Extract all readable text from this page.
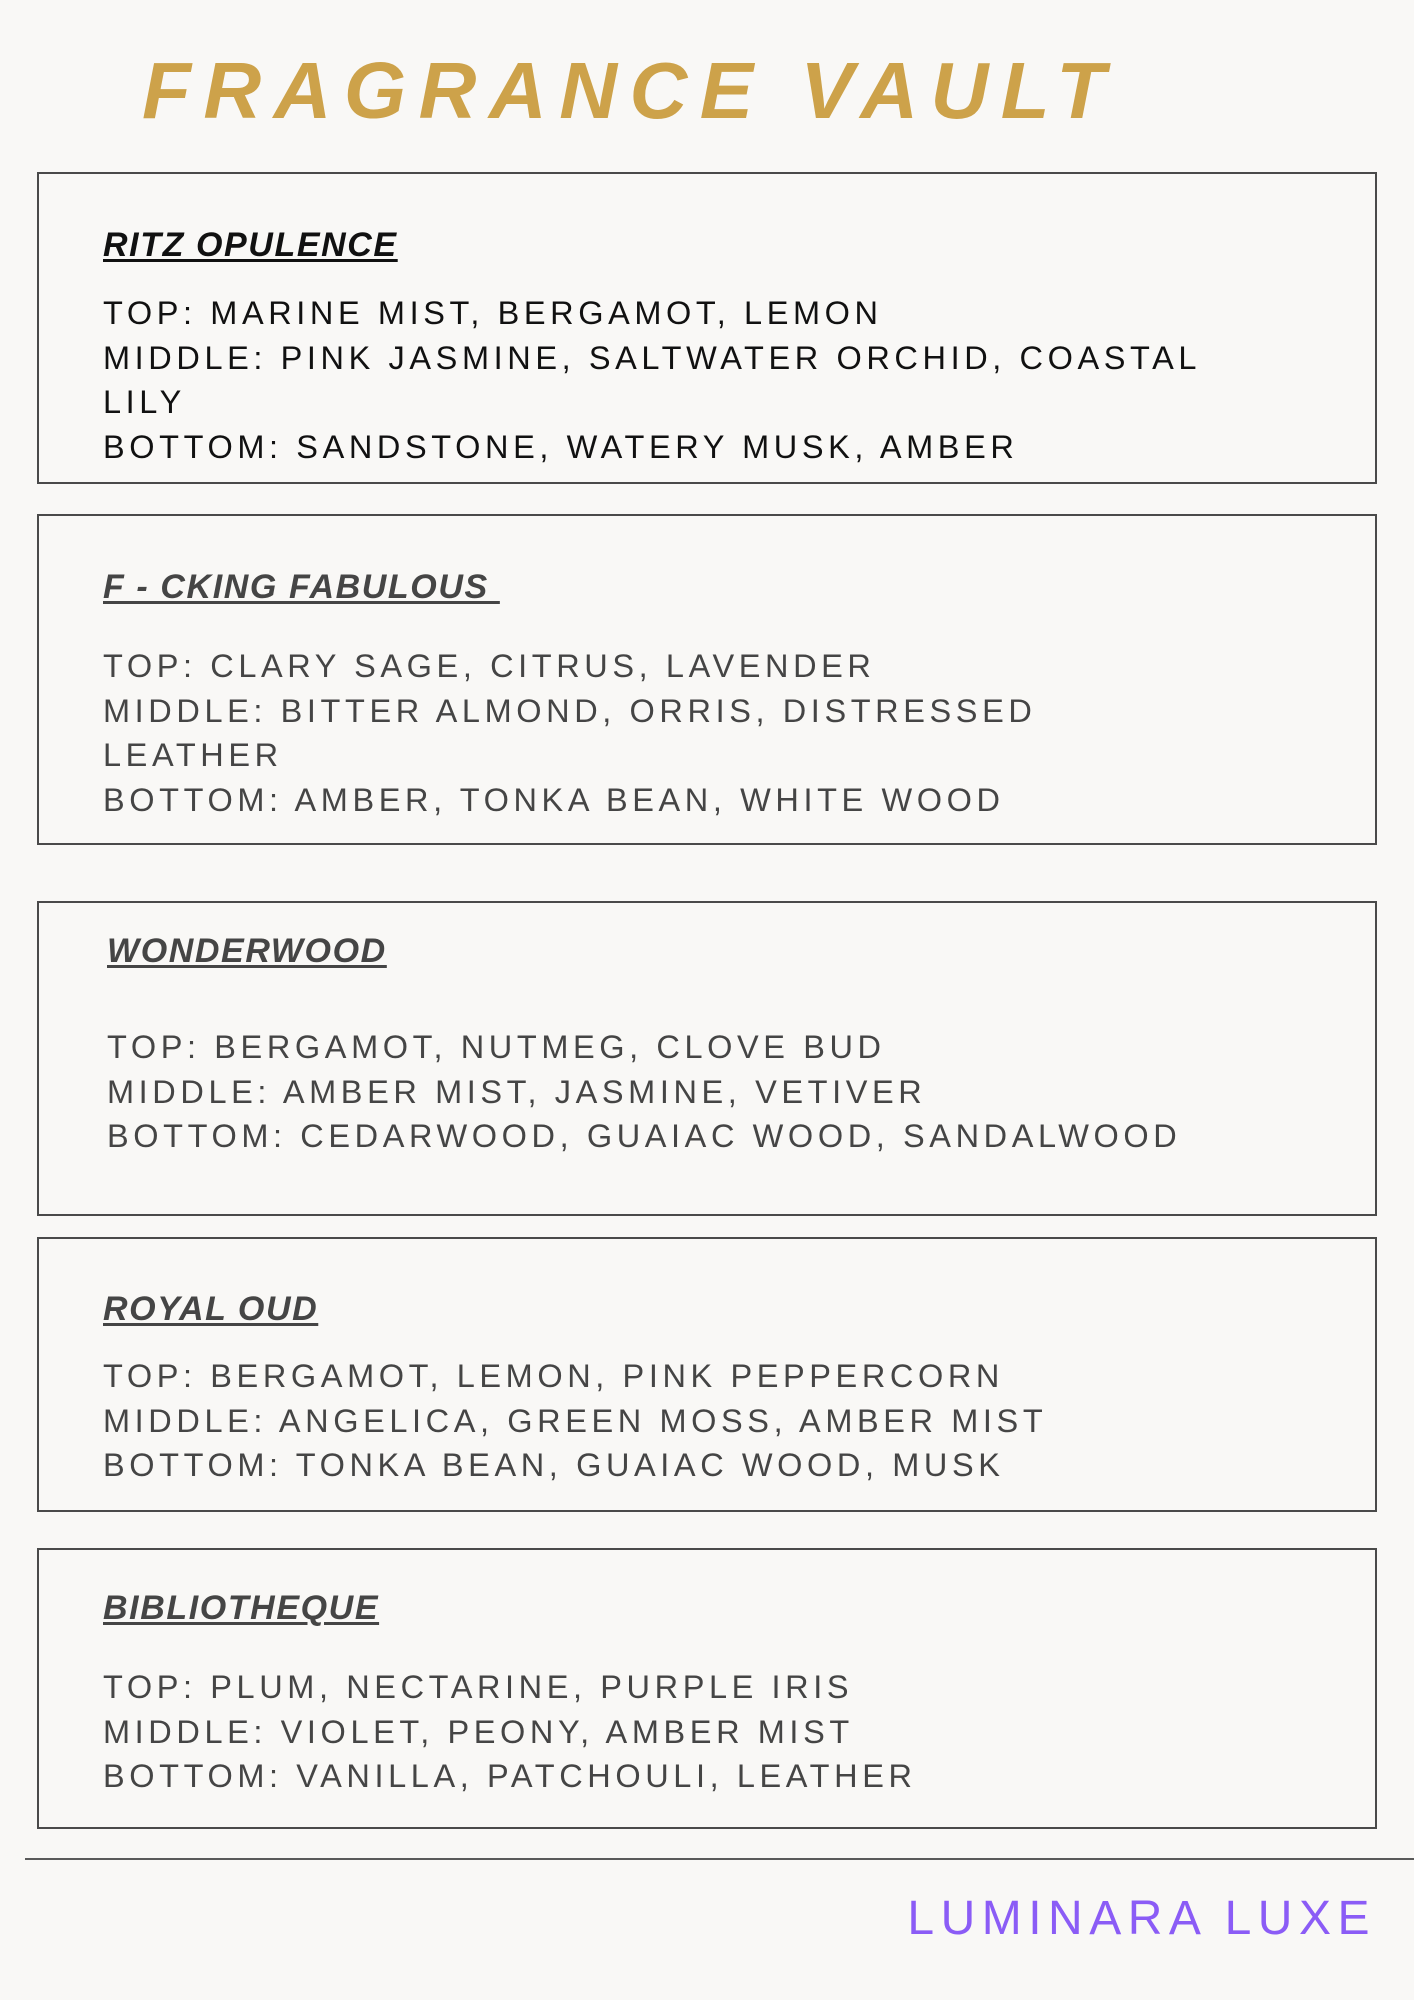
FRAGRANCE VAULT
RITZ OPULENCE
TOP: MARINE MIST, BERGAMOT, LEMON
MIDDLE: PINK JASMINE, SALTWATER ORCHID, COASTAL
LILY
BOTTOM: SANDSTONE, WATERY MUSK, AMBER
F - CKING FABULOUS
TOP: CLARY SAGE, CITRUS, LAVENDER
MIDDLE: BITTER ALMOND, ORRIS, DISTRESSED
LEATHER
BOTTOM: AMBER, TONKA BEAN, WHITE WOOD
WONDERWOOD
TOP: BERGAMOT, NUTMEG, CLOVE BUD
MIDDLE: AMBER MIST, JASMINE, VETIVER
BOTTOM: CEDARWOOD, GUAIAC WOOD, SANDALWOOD
ROYAL OUD
TOP: BERGAMOT, LEMON, PINK PEPPERCORN
MIDDLE: ANGELICA, GREEN MOSS, AMBER MIST
BOTTOM: TONKA BEAN, GUAIAC WOOD, MUSK
BIBLIOTHEQUE
TOP: PLUM, NECTARINE, PURPLE IRIS
MIDDLE: VIOLET, PEONY, AMBER MIST
BOTTOM: VANILLA, PATCHOULI, LEATHER
LUMINARA LUXE
